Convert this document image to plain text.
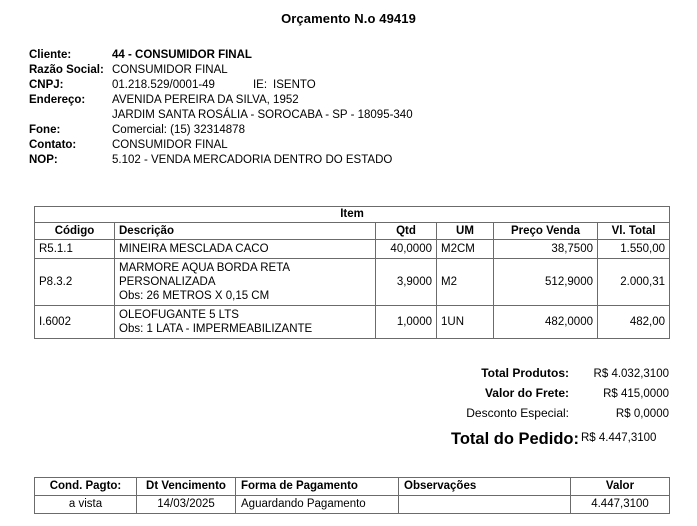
Orçamento N.o 49419
Cliente:	44 - CONSUMIDOR FINAL
Razão Social: CONSUMIDOR FINAL
CNPJ:	01.218.529/0001-49	IE: ISENTO
Endereço:	AVENIDA PEREIRA DA SILVA, 1952
JARDIM SANTA ROSÁLIA - SOROCABA - SP - 18095-340
Fone:	Comercial: (15) 32314878
Contato:	CONSUMIDOR FINAL
NOP:	5.102 - VENDA MERCADORIA DENTRO DO ESTADO
Item					
Código	Descrição	Qtd	UM	Preço Venda	Vl. Total
R5.1.1	MINEIRA MESCLADA CACO	40,0000	M2CM	38,7500	1.550,00
P8.3.2	MARMORE AQUA BORDA RETA
PERSONALIZADA
Obs: 26 METROS X 0,15 CM	3,9000	M2	512,9000	2.000,31
I.6002	OLEOFUGANTE 5 LTS
Obs: 1 LATA - IMPERMEABILIZANTE	1,0000	1UN	482,0000	482,00
Total Produtos:	R$ 4.032,3100
Valor do Frete:	R$ 415,0000
Desconto Especial:	R$ 0,0000
Total do Pedido: R$ 4.447,3100
Cond. Pagto:	Dt Vencimento	Forma de Pagamento	Observações	Valor
a vista	14/03/2025	Aguardando Pagamento		4.447,3100
